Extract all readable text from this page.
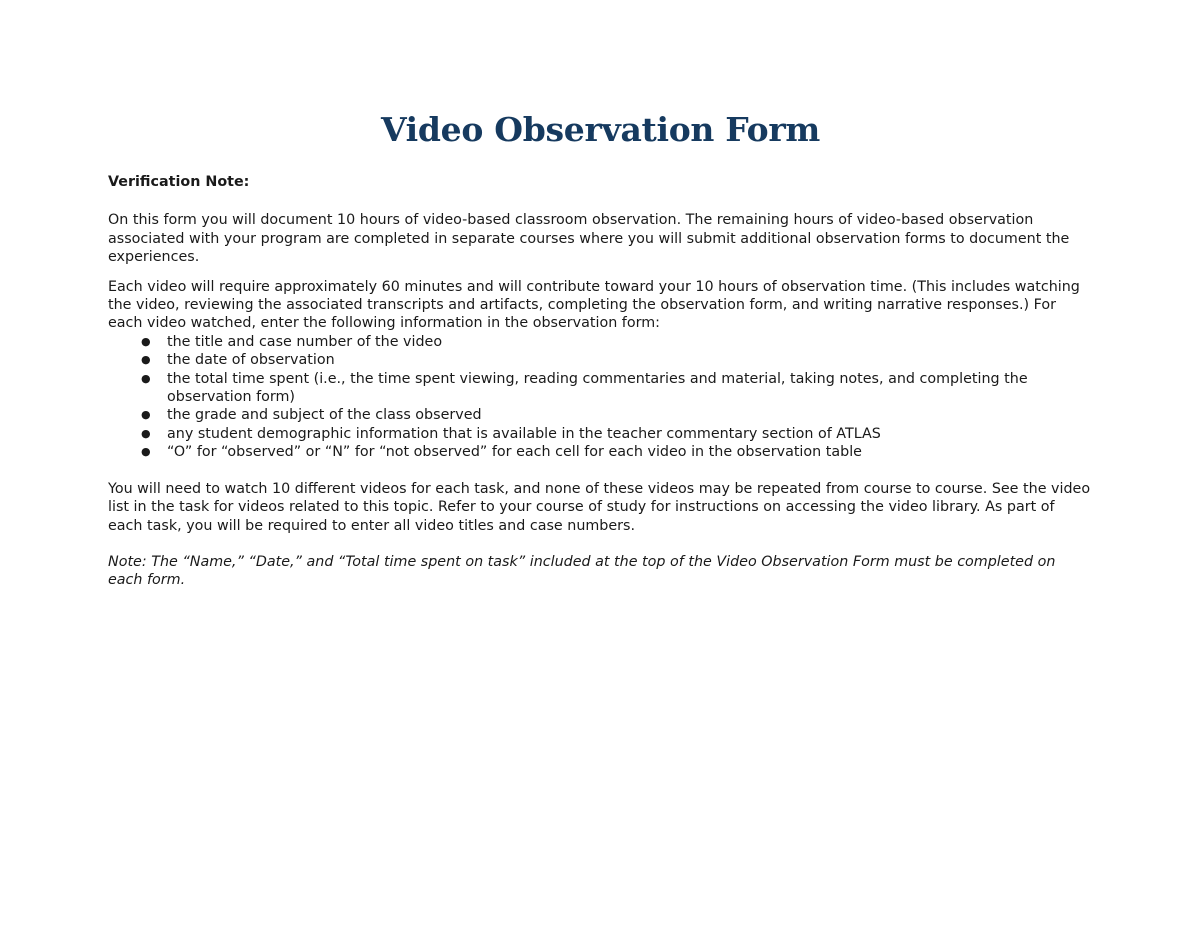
Video Observation Form

Verification Note:

On this form you will document 10 hours of video-based classroom observation. The remaining hours of video-based observation associated with your program are completed in separate courses where you will submit additional observation forms to document the experiences.

Each video will require approximately 60 minutes and will contribute toward your 10 hours of observation time. (This includes watching the video, reviewing the associated transcripts and artifacts, completing the observation form, and writing narrative responses.) For each video watched, enter the following information in the observation form:

● the title and case number of the video
● the date of observation
● the total time spent (i.e., the time spent viewing, reading commentaries and material, taking notes, and completing the observation form)
● the grade and subject of the class observed
● any student demographic information that is available in the teacher commentary section of ATLAS
● “O” for “observed” or “N” for “not observed” for each cell for each video in the observation table

You will need to watch 10 different videos for each task, and none of these videos may be repeated from course to course. See the video list in the task for videos related to this topic. Refer to your course of study for instructions on accessing the video library. As part of each task, you will be required to enter all video titles and case numbers.

Note: The “Name,” “Date,” and “Total time spent on task” included at the top of the Video Observation Form must be completed on each form.
